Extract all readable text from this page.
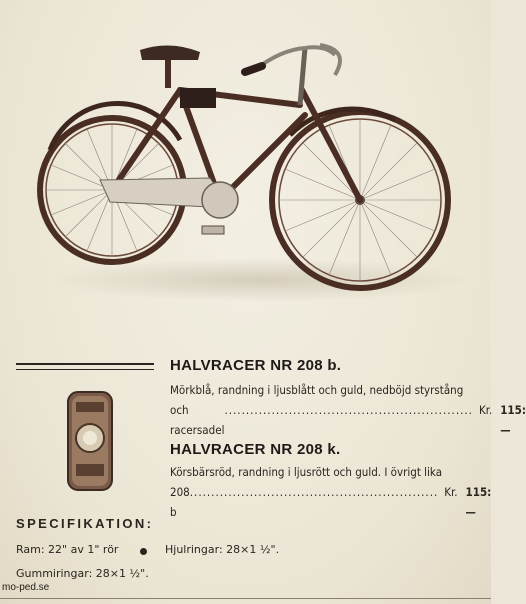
HALVRACER NR 208 b.
Mörkblå, randning i ljusblått och guld, nedböjd styrstång
och racersadel
.......................................................... Kr. 115:—
HALVRACER NR 208 k.
Körsbärsröd, randning i ljusrött och guld. I övrigt lika
208 b
.......................................................... Kr. 115:—
SPECIFIKATION:
Ram: 22" av 1" rör	Hjulringar: 28×1 ½".
Gummiringar: 28×1 ½".
mo-ped.se
